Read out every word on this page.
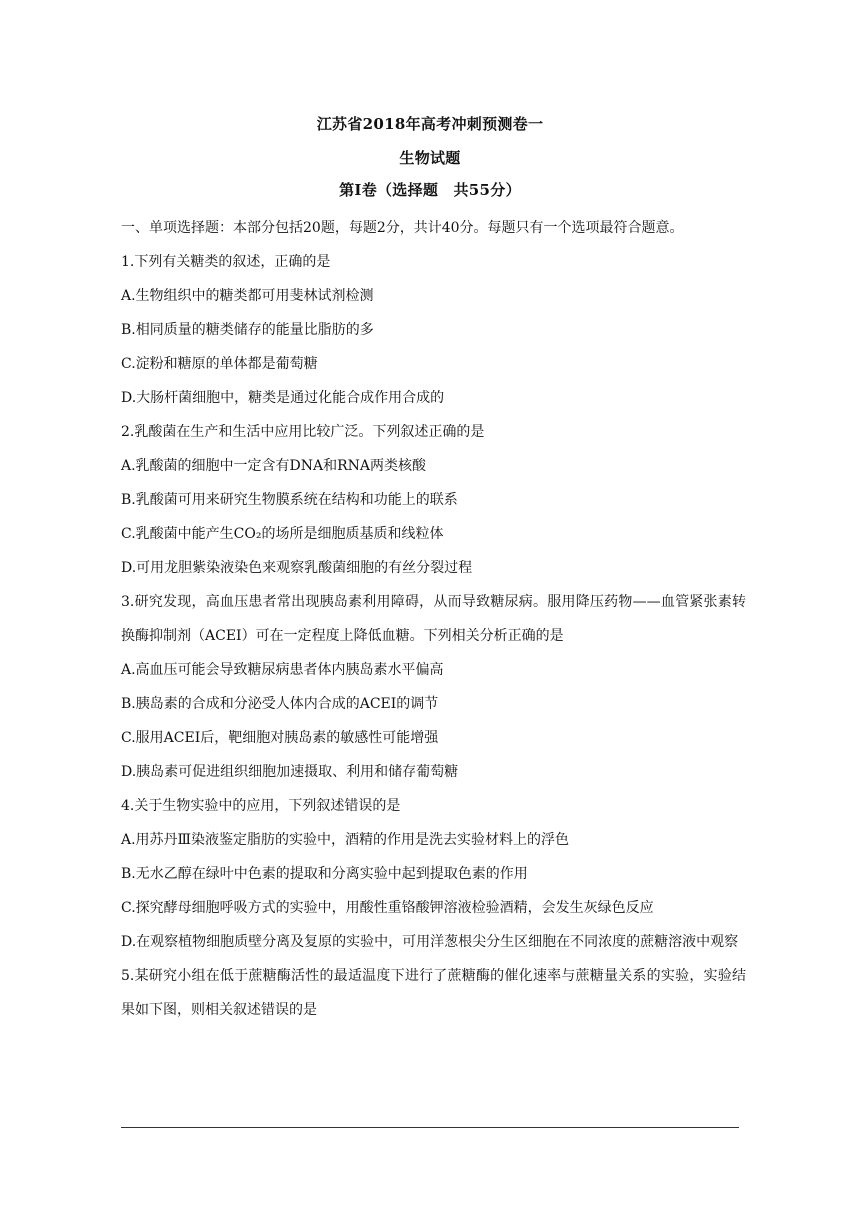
江苏省2018年高考冲刺预测卷一
生物试题
第Ⅰ卷（选择题　共55分）
一、单项选择题：本部分包括20题，每题2分，共计40分。每题只有一个选项最符合题意。
1.下列有关糖类的叙述，正确的是
A.生物组织中的糖类都可用斐林试剂检测
B.相同质量的糖类储存的能量比脂肪的多
C.淀粉和糖原的单体都是葡萄糖
D.大肠杆菌细胞中，糖类是通过化能合成作用合成的
2.乳酸菌在生产和生活中应用比较广泛。下列叙述正确的是
A.乳酸菌的细胞中一定含有DNA和RNA两类核酸
B.乳酸菌可用来研究生物膜系统在结构和功能上的联系
C.乳酸菌中能产生CO₂的场所是细胞质基质和线粒体
D.可用龙胆紫染液染色来观察乳酸菌细胞的有丝分裂过程
3.研究发现，高血压患者常出现胰岛素利用障碍，从而导致糖尿病。服用降压药物——血管紧张素转换酶抑制剂（ACEI）可在一定程度上降低血糖。下列相关分析正确的是
A.高血压可能会导致糖尿病患者体内胰岛素水平偏高
B.胰岛素的合成和分泌受人体内合成的ACEI的调节
C.服用ACEI后，靶细胞对胰岛素的敏感性可能增强
D.胰岛素可促进组织细胞加速摄取、利用和储存葡萄糖
4.关于生物实验中的应用，下列叙述错误的是
A.用苏丹Ⅲ染液鉴定脂肪的实验中，酒精的作用是洗去实验材料上的浮色
B.无水乙醇在绿叶中色素的提取和分离实验中起到提取色素的作用
C.探究酵母细胞呼吸方式的实验中，用酸性重铬酸钾溶液检验酒精，会发生灰绿色反应
D.在观察植物细胞质壁分离及复原的实验中，可用洋葱根尖分生区细胞在不同浓度的蔗糖溶液中观察
5.某研究小组在低于蔗糖酶活性的最适温度下进行了蔗糖酶的催化速率与蔗糖量关系的实验，实验结果如下图，则相关叙述错误的是
